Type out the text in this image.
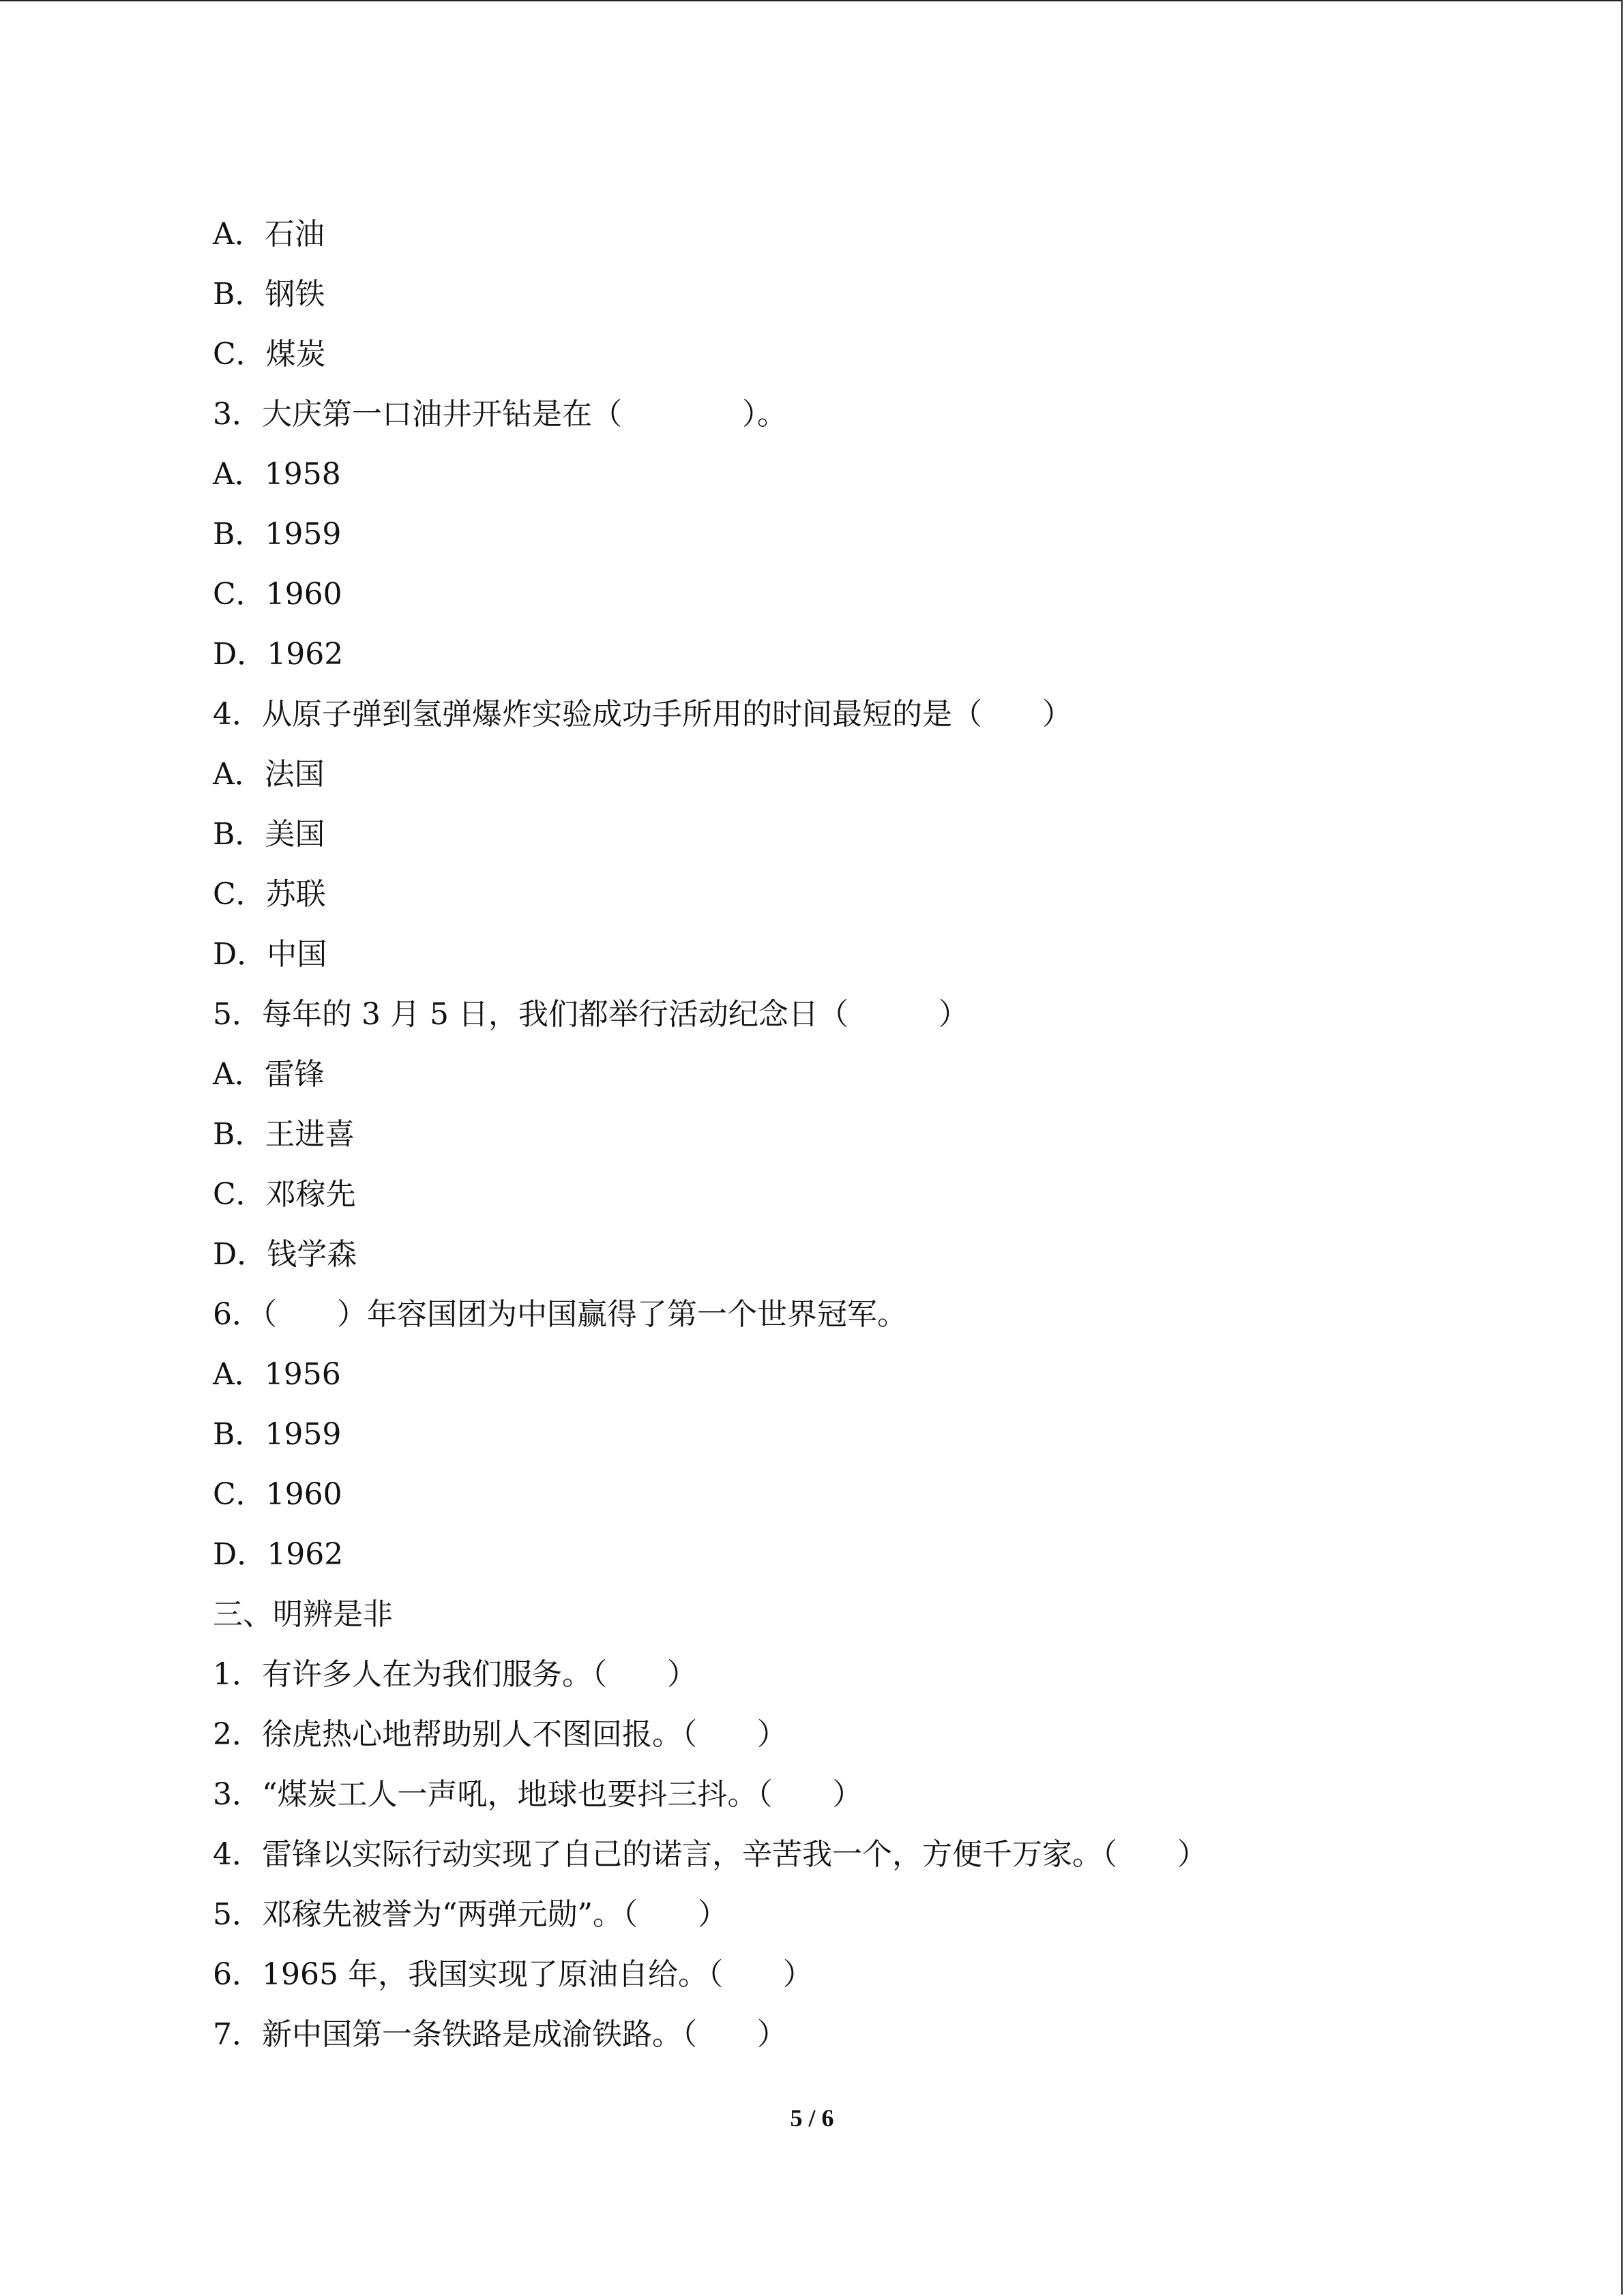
A．石油
B．钢铁
C．煤炭
3．大庆第一口油井开钻是在（　　　　）。
A．1958
B．1959
C．1960
D．1962
4．从原子弹到氢弹爆炸实验成功手所用的时间最短的是（　　）
A．法国
B．美国
C．苏联
D．中国
5．每年的 3 月 5 日，我们都举行活动纪念日（　　　）
A．雷锋
B．王进喜
C．邓稼先
D．钱学森
6．（　　）年容国团为中国赢得了第一个世界冠军。
A．1956
B．1959
C．1960
D．1962
三、明辨是非
1．有许多人在为我们服务。（　　）
2．徐虎热心地帮助别人不图回报。（　　）
3．“煤炭工人一声吼，地球也要抖三抖。（　　）
4．雷锋以实际行动实现了自己的诺言，辛苦我一个，方便千万家。（　　）
5．邓稼先被誉为“两弹元勋”。（　　）
6．1965 年，我国实现了原油自给。（　　）
7．新中国第一条铁路是成渝铁路。（　　）
5 / 6
